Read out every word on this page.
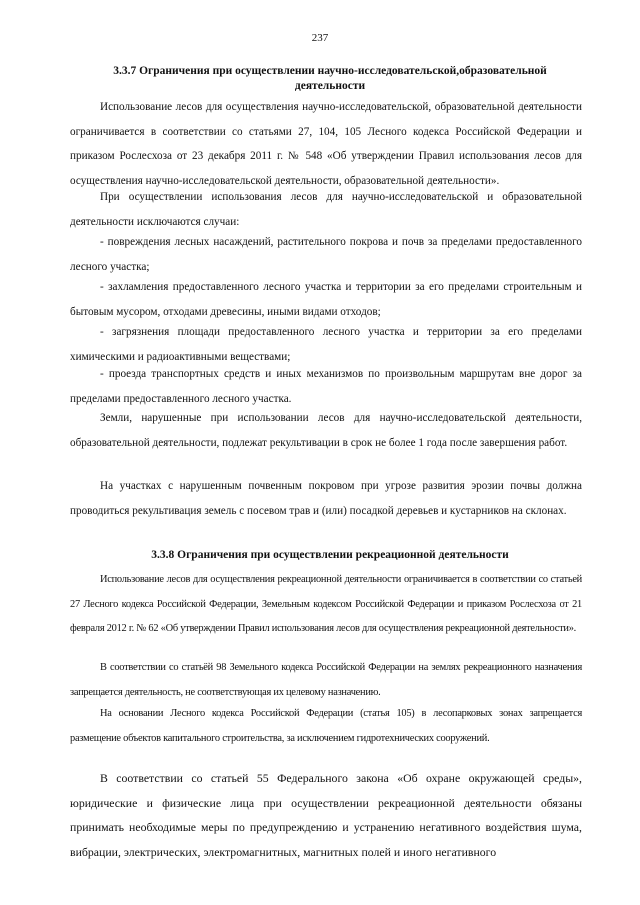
237
3.3.7 Ограничения при осуществлении научно-исследовательской,образовательной
деятельности

Использование лесов для осуществления научно-исследовательской, образовательной деятельности ограничивается в соответствии со статьями 27, 104, 105 Лесного кодекса Российской Федерации и приказом Рослесхоза от 23 декабря 2011 г. № 548 «Об утверждении Правил использования лесов для осуществления научно-исследовательской деятельности, образовательной деятельности».

При осуществлении использования лесов для научно-исследовательской и образовательной деятельности исключаются случаи:

- повреждения лесных насаждений, растительного покрова и почв за пределами предоставленного лесного участка;

- захламления предоставленного лесного участка и территории за его пределами строительным и бытовым мусором, отходами древесины, иными видами отходов;

- загрязнения площади предоставленного лесного участка и территории за его пределами химическими и радиоактивными веществами;

- проезда транспортных средств и иных механизмов по произвольным маршрутам вне дорог за пределами предоставленного лесного участка.

Земли, нарушенные при использовании лесов для научно-исследовательской деятельности, образовательной деятельности, подлежат рекультивации в срок не более 1 года после завершения работ.

На участках с нарушенным почвенным покровом при угрозе развития эрозии почвы должна проводиться рекультивация земель с посевом трав и (или) посадкой деревьев и кустарников на склонах.

3.3.8 Ограничения при осуществлении рекреационной деятельности

Использование лесов для осуществления рекреационной деятельности ограничивается в соответствии со статьей 27 Лесного кодекса Российской Федерации, Земельным кодексом Российской Федерации и приказом Рослесхоза от 21 февраля 2012 г. № 62 «Об утверждении Правил использования лесов для осуществления рекреационной деятельности».

В соответствии со статьёй 98 Земельного кодекса Российской Федерации на землях рекреационного назначения запрещается деятельность, не соответствующая их целевому назначению.

На основании Лесного кодекса Российской Федерации (статья 105) в лесопарковых зонах запрещается размещение объектов капитального строительства, за исключением гидротехнических сооружений.

В соответствии со статьей 55 Федерального закона «Об охране окружающей среды», юридические и физические лица при осуществлении рекреационной деятельности обязаны принимать необходимые меры по предупреждению и устранению негативного воздействия шума, вибрации, электрических, электромагнитных, магнитных полей и иного негативного
